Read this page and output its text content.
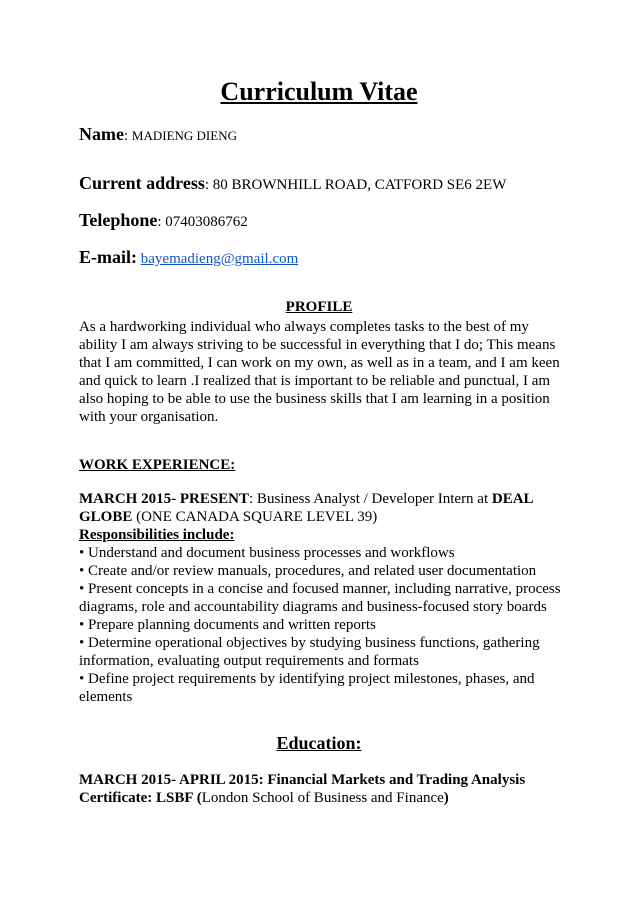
Curriculum Vitae
Name: MADIENG DIENG
Current address: 80 BROWNHILL ROAD, CATFORD SE6 2EW
Telephone: 07403086762
E-mail: bayemadieng@gmail.com
PROFILE
As a hardworking individual who always completes tasks to the best of my
ability I am always striving to be successful in everything that I do; This means
that I am committed, I can work on my own, as well as in a team, and I am keen
and quick to learn .I realized that is important to be reliable and punctual, I am
also hoping to be able to use the business skills that I am learning in a position
with your organisation.
WORK EXPERIENCE:
MARCH 2015- PRESENT: Business Analyst / Developer Intern at DEAL
GLOBE (ONE CANADA SQUARE LEVEL 39)
Responsibilities include:
• Understand and document business processes and workflows
• Create and/or review manuals, procedures, and related user documentation
• Present concepts in a concise and focused manner, including narrative, process
diagrams, role and accountability diagrams and business-focused story boards
• Prepare planning documents and written reports
• Determine operational objectives by studying business functions, gathering
information, evaluating output requirements and formats
• Define project requirements by identifying project milestones, phases, and
elements
Education:
MARCH 2015- APRIL 2015: Financial Markets and Trading Analysis
Certificate: LSBF (London School of Business and Finance)
